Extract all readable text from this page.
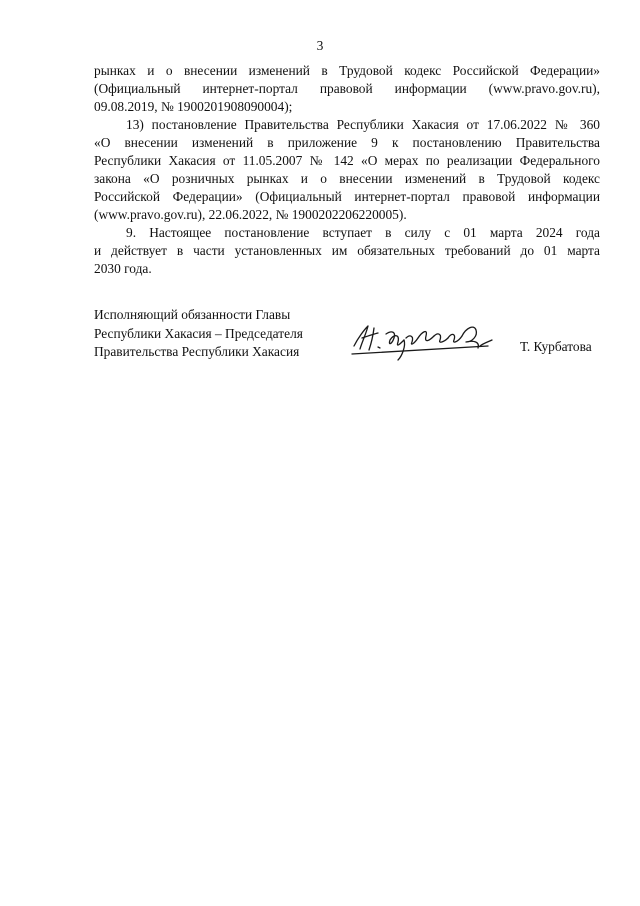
3

рынках и о внесении изменений в Трудовой кодекс Российской Федерации»
(Официальный интернет-портал правовой информации (www.pravo.gov.ru),
09.08.2019, № 1900201908090004);

13) постановление Правительства Республики Хакасия от 17.06.2022 № 360
«О внесении изменений в приложение 9 к постановлению Правительства
Республики Хакасия от 11.05.2007 № 142 «О мерах по реализации Федерального
закона «О розничных рынках и о внесении изменений в Трудовой кодекс
Российской Федерации» (Официальный интернет-портал правовой информации
(www.pravo.gov.ru), 22.06.2022, № 1900202206220005).

9. Настоящее постановление вступает в силу с 01 марта 2024 года
и действует в части установленных им обязательных требований до 01 марта
2030 года.

Исполняющий обязанности Главы
Республики Хакасия – Председателя
Правительства Республики Хакасия	Т. Курбатова
